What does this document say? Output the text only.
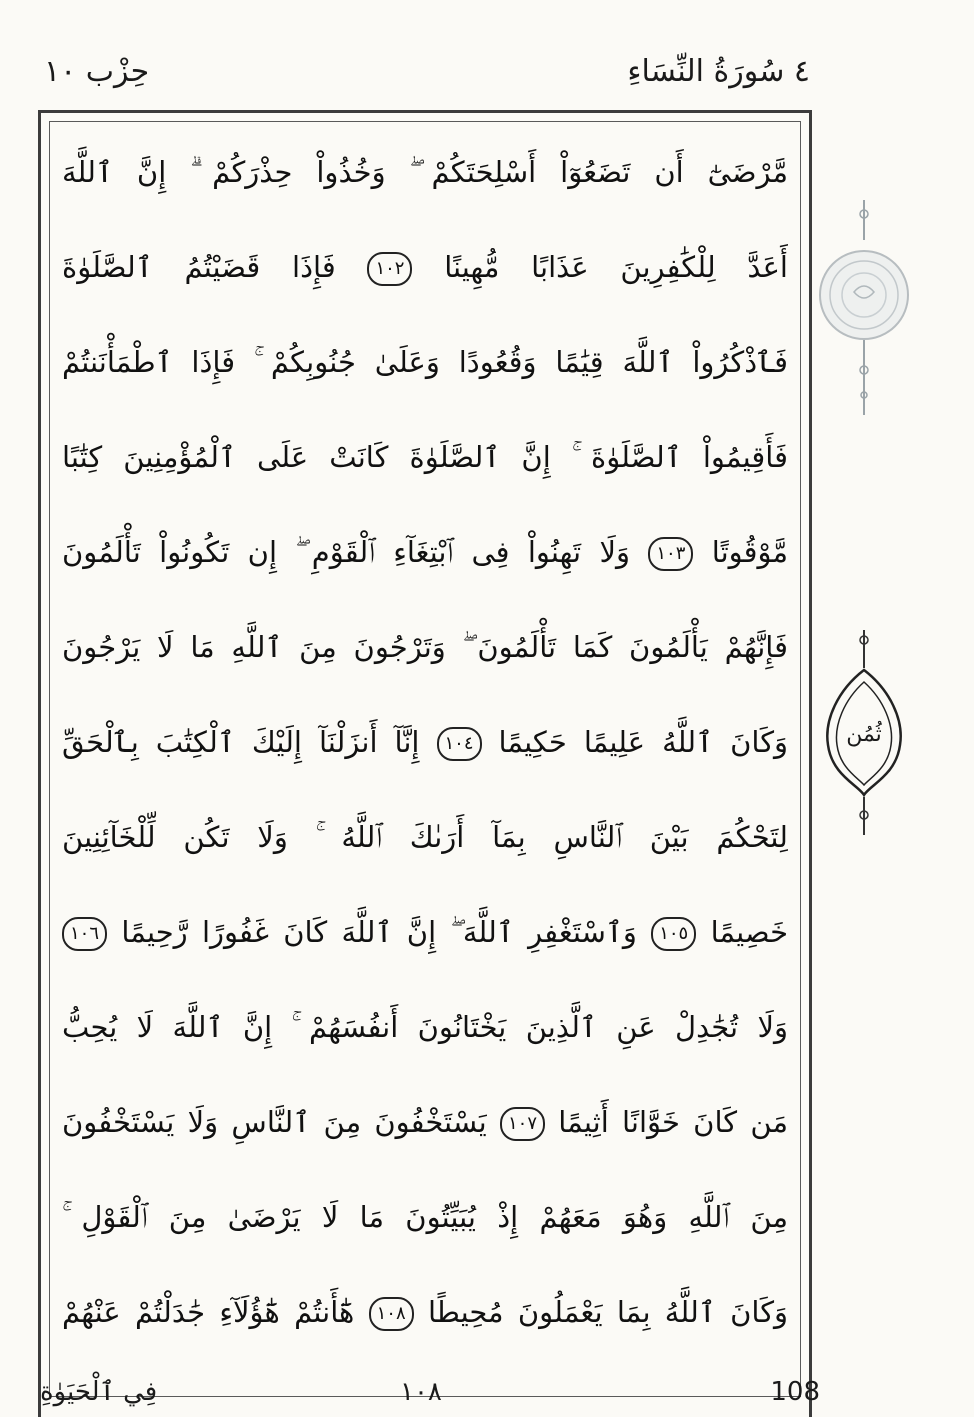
٤ سُورَةُ النِّسَاءِ
حِزْب ١٠
مَّرْضَىٰٓ أَن تَضَعُوٓاْ أَسْلِحَتَكُمْ ۖ وَخُذُواْ حِذْرَكُمْ ۗ إِنَّ ٱللَّهَ
أَعَدَّ لِلْكَٰفِرِينَ عَذَابًا مُّهِينًا ١٠٢ فَإِذَا قَضَيْتُمُ ٱلصَّلَوٰةَ
فَٱذْكُرُواْ ٱللَّهَ قِيَٰمًا وَقُعُودًا وَعَلَىٰ جُنُوبِكُمْ ۚ فَإِذَا ٱطْمَأْنَنتُمْ
فَأَقِيمُواْ ٱلصَّلَوٰةَ ۚ إِنَّ ٱلصَّلَوٰةَ كَانَتْ عَلَى ٱلْمُؤْمِنِينَ كِتَٰبًا
مَّوْقُوتًا ١٠٣ وَلَا تَهِنُواْ فِى ٱبْتِغَآءِ ٱلْقَوْمِ ۖ إِن تَكُونُواْ تَأْلَمُونَ
فَإِنَّهُمْ يَأْلَمُونَ كَمَا تَأْلَمُونَ ۖ وَتَرْجُونَ مِنَ ٱللَّهِ مَا لَا يَرْجُونَ
وَكَانَ ٱللَّهُ عَلِيمًا حَكِيمًا ١٠٤ إِنَّآ أَنزَلْنَآ إِلَيْكَ ٱلْكِتَٰبَ بِٱلْحَقِّ
لِتَحْكُمَ بَيْنَ ٱلنَّاسِ بِمَآ أَرَىٰكَ ٱللَّهُ ۚ وَلَا تَكُن لِّلْخَآئِنِينَ
خَصِيمًا ١٠٥ وَٱسْتَغْفِرِ ٱللَّهَ ۖ إِنَّ ٱللَّهَ كَانَ غَفُورًا رَّحِيمًا ١٠٦
وَلَا تُجَٰدِلْ عَنِ ٱلَّذِينَ يَخْتَانُونَ أَنفُسَهُمْ ۚ إِنَّ ٱللَّهَ لَا يُحِبُّ
مَن كَانَ خَوَّانًا أَثِيمًا ١٠٧ يَسْتَخْفُونَ مِنَ ٱلنَّاسِ وَلَا يَسْتَخْفُونَ
مِنَ ٱللَّهِ وَهُوَ مَعَهُمْ إِذْ يُبَيِّتُونَ مَا لَا يَرْضَىٰ مِنَ ٱلْقَوْلِ ۚ
وَكَانَ ٱللَّهُ بِمَا يَعْمَلُونَ مُحِيطًا ١٠٨ هَٰٓأَنتُمْ هَٰٓؤُلَآءِ جَٰدَلْتُمْ عَنْهُمْ
ثُمُن
فِي ٱلْحَيَوٰةِ	١٠٨	108
